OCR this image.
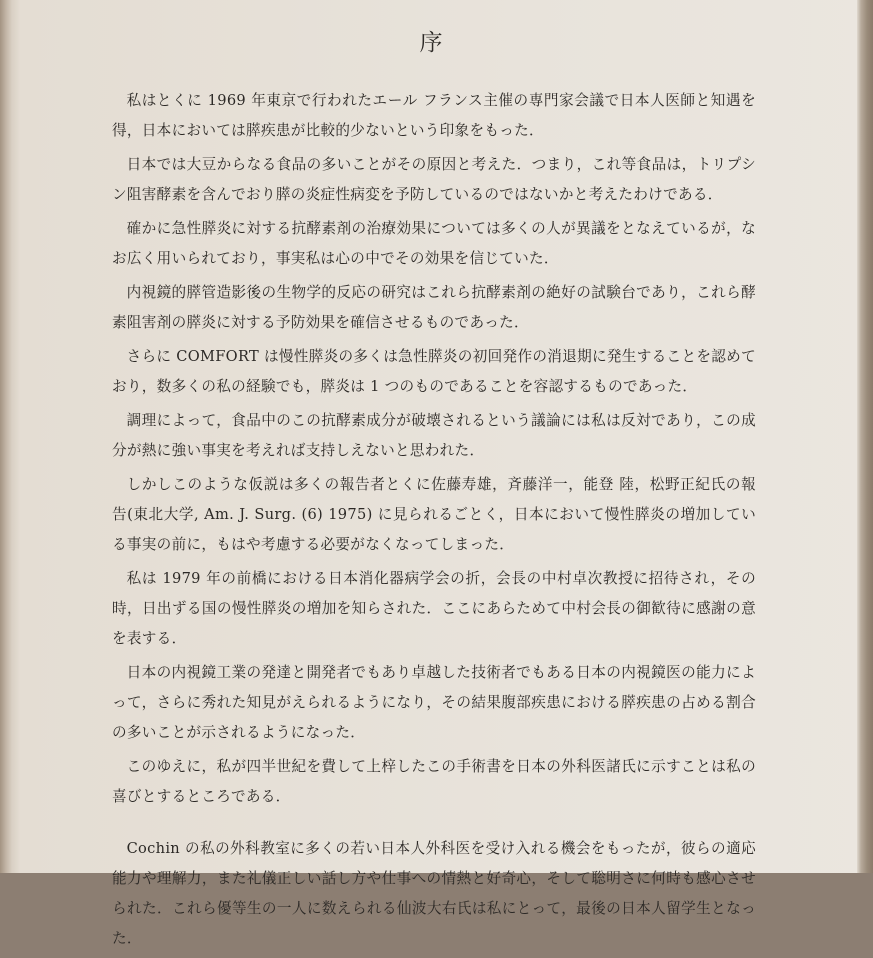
序

私はとくに 1969 年東京で行われたエール フランス主催の専門家会議で日本人医師と知遇を得，日本においては膵疾患が比較的少ないという印象をもった．

日本では大豆からなる食品の多いことがその原因と考えた．つまり，これ等食品は，トリプシン阻害酵素を含んでおり膵の炎症性病変を予防しているのではないかと考えたわけである．

確かに急性膵炎に対する抗酵素剤の治療効果については多くの人が異議をとなえているが，なお広く用いられており，事実私は心の中でその効果を信じていた．

内視鏡的膵管造影後の生物学的反応の研究はこれら抗酵素剤の絶好の試験台であり，これら酵素阻害剤の膵炎に対する予防効果を確信させるものであった．

さらに COMFORT は慢性膵炎の多くは急性膵炎の初回発作の消退期に発生することを認めており，数多くの私の経験でも，膵炎は 1 つのものであることを容認するものであった．

調理によって，食品中のこの抗酵素成分が破壊されるという議論には私は反対であり，この成分が熱に強い事実を考えれば支持しえないと思われた．

しかしこのような仮説は多くの報告者とくに佐藤寿雄，斉藤洋一，能登 陸，松野正紀氏の報告(東北大学, Am. J. Surg. (6) 1975) に見られるごとく，日本において慢性膵炎の増加している事実の前に，もはや考慮する必要がなくなってしまった．

私は 1979 年の前橋における日本消化器病学会の折，会長の中村卓次教授に招待され，その時，日出ずる国の慢性膵炎の増加を知らされた．ここにあらためて中村会長の御歓待に感謝の意を表する．

日本の内視鏡工業の発達と開発者でもあり卓越した技術者でもある日本の内視鏡医の能力によって，さらに秀れた知見がえられるようになり，その結果腹部疾患における膵疾患の占める割合の多いことが示されるようになった．

このゆえに，私が四半世紀を費して上梓したこの手術書を日本の外科医諸氏に示すことは私の喜びとするところである．

Cochin の私の外科教室に多くの若い日本人外科医を受け入れる機会をもったが，彼らの適応能力や理解力，また礼儀正しい話し方や仕事への情熱と好奇心，そして聡明さに何時も感心させられた．これら優等生の一人に数えられる仙波大右氏は私にとって，最後の日本人留学生となった．
